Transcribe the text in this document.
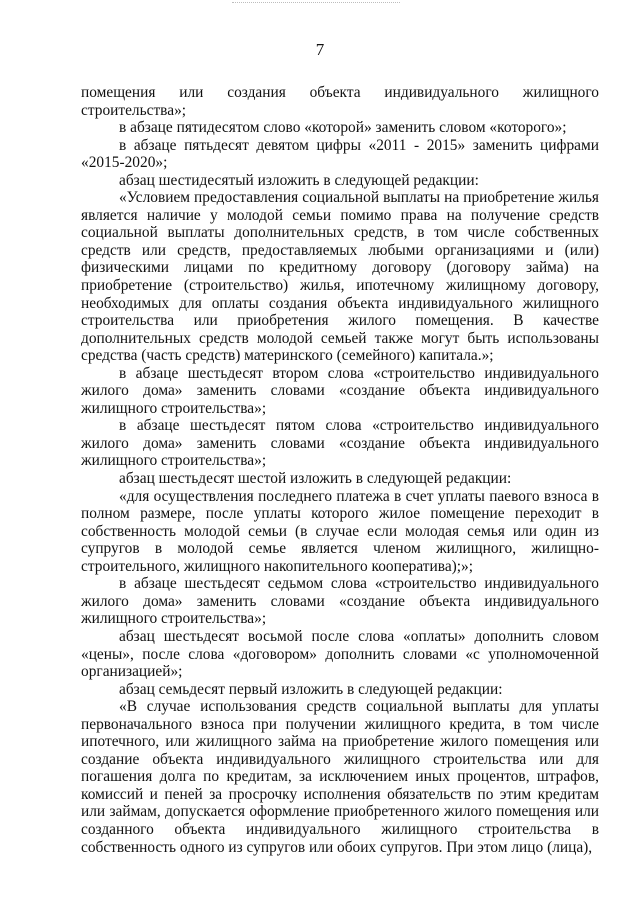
7

помещения или создания объекта индивидуального жилищного строительства»;

в абзаце пятидесятом слово «которой» заменить словом «которого»;

в абзаце пятьдесят девятом цифры «2011 - 2015» заменить цифрами «2015-2020»;

абзац шестидесятый изложить в следующей редакции:

«Условием предоставления социальной выплаты на приобретение жилья является наличие у молодой семьи помимо права на получение средств социальной выплаты дополнительных средств, в том числе собственных средств или средств, предоставляемых любыми организациями и (или) физическими лицами по кредитному договору (договору займа) на приобретение (строительство) жилья, ипотечному жилищному договору, необходимых для оплаты создания объекта индивидуального жилищного строительства или приобретения жилого помещения. В качестве дополнительных средств молодой семьей также могут быть использованы средства (часть средств) материнского (семейного) капитала.»;

в абзаце шестьдесят втором слова «строительство индивидуального жилого дома» заменить словами «создание объекта индивидуального жилищного строительства»;

в абзаце шестьдесят пятом слова «строительство индивидуального жилого дома» заменить словами «создание объекта индивидуального жилищного строительства»;

абзац шестьдесят шестой изложить в следующей редакции:

«для осуществления последнего платежа в счет уплаты паевого взноса в полном размере, после уплаты которого жилое помещение переходит в собственность молодой семьи (в случае если молодая семья или один из супругов в молодой семье является членом жилищного, жилищно-строительного, жилищного накопительного кооператива);»;

в абзаце шестьдесят седьмом слова «строительство индивидуального жилого дома» заменить словами «создание объекта индивидуального жилищного строительства»;

абзац шестьдесят восьмой после слова «оплаты» дополнить словом «цены», после слова «договором» дополнить словами «с уполномоченной организацией»;

абзац семьдесят первый изложить в следующей редакции:

«В случае использования средств социальной выплаты для уплаты первоначального взноса при получении жилищного кредита, в том числе ипотечного, или жилищного займа на приобретение жилого помещения или создание объекта индивидуального жилищного строительства или для погашения долга по кредитам, за исключением иных процентов, штрафов, комиссий и пеней за просрочку исполнения обязательств по этим кредитам или займам, допускается оформление приобретенного жилого помещения или созданного объекта индивидуального жилищного строительства в собственность одного из супругов или обоих супругов. При этом лицо (лица),
